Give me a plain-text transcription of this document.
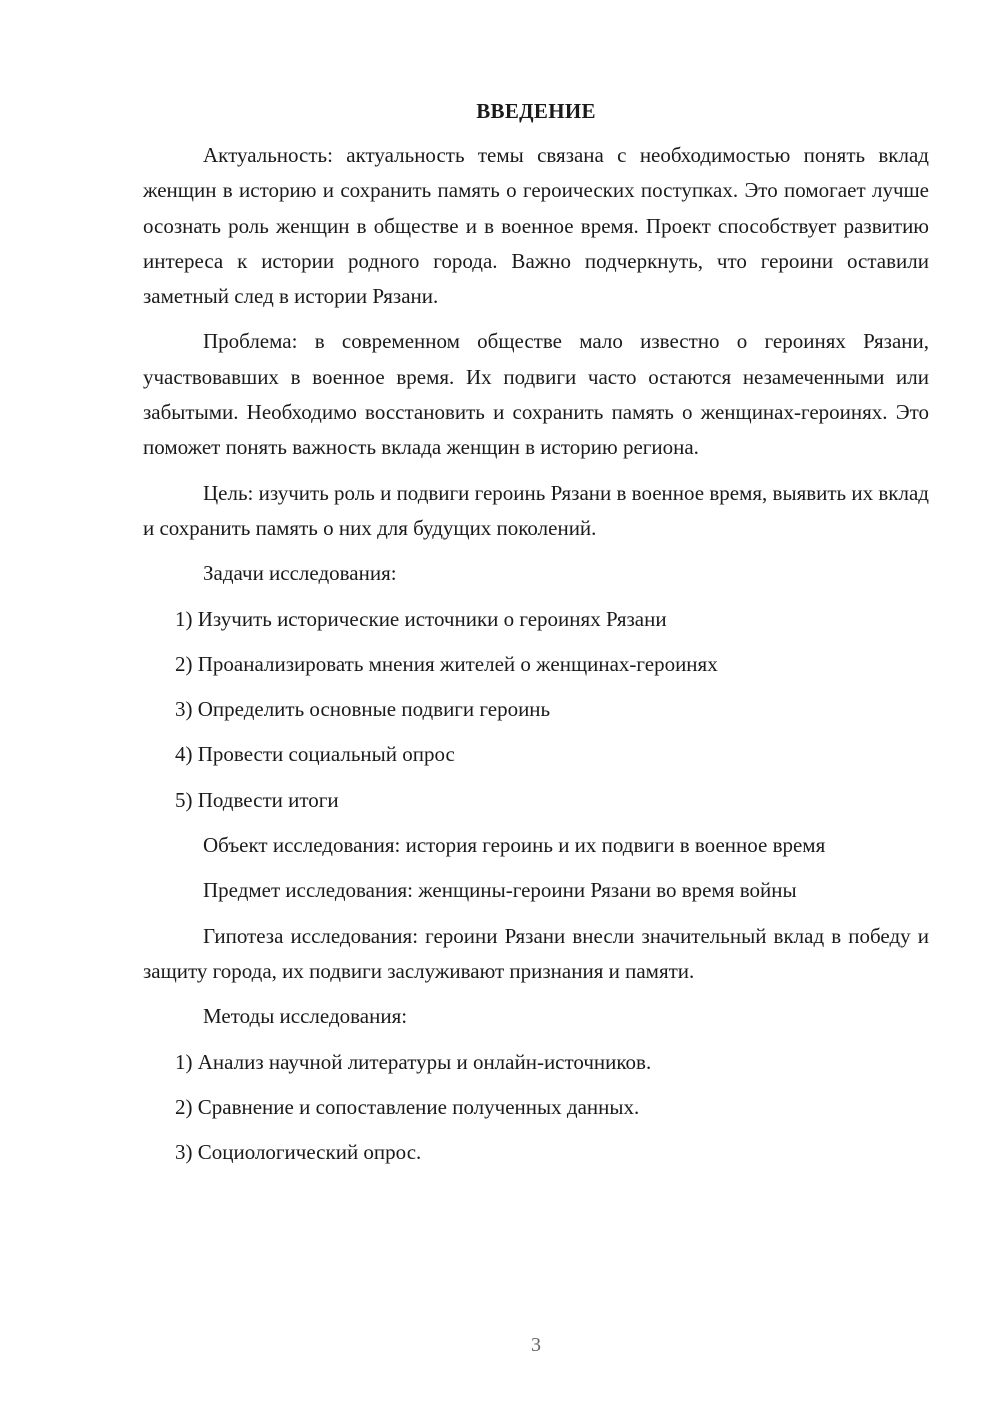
ВВЕДЕНИЕ

Актуальность: актуальность темы связана с необходимостью понять вклад женщин в историю и сохранить память о героических поступках. Это помогает лучше осознать роль женщин в обществе и в военное время. Проект способствует развитию интереса к истории родного города. Важно подчеркнуть, что героини оставили заметный след в истории Рязани.

Проблема: в современном обществе мало известно о героинях Рязани, участвовавших в военное время. Их подвиги часто остаются незамеченными или забытыми. Необходимо восстановить и сохранить память о женщинах-героинях. Это поможет понять важность вклада женщин в историю региона.

Цель: изучить роль и подвиги героинь Рязани в военное время, выявить их вклад и сохранить память о них для будущих поколений.

Задачи исследования:

1) Изучить исторические источники о героинях Рязани
2) Проанализировать мнения жителей о женщинах-героинях
3) Определить основные подвиги героинь
4) Провести социальный опрос
5) Подвести итоги

Объект исследования: история героинь и их подвиги в военное время

Предмет исследования: женщины-героини Рязани во время войны

Гипотеза исследования: героини Рязани внесли значительный вклад в победу и защиту города, их подвиги заслуживают признания и памяти.

Методы исследования:

1) Анализ научной литературы и онлайн-источников.
2) Сравнение и сопоставление полученных данных.
3) Социологический опрос.
3
